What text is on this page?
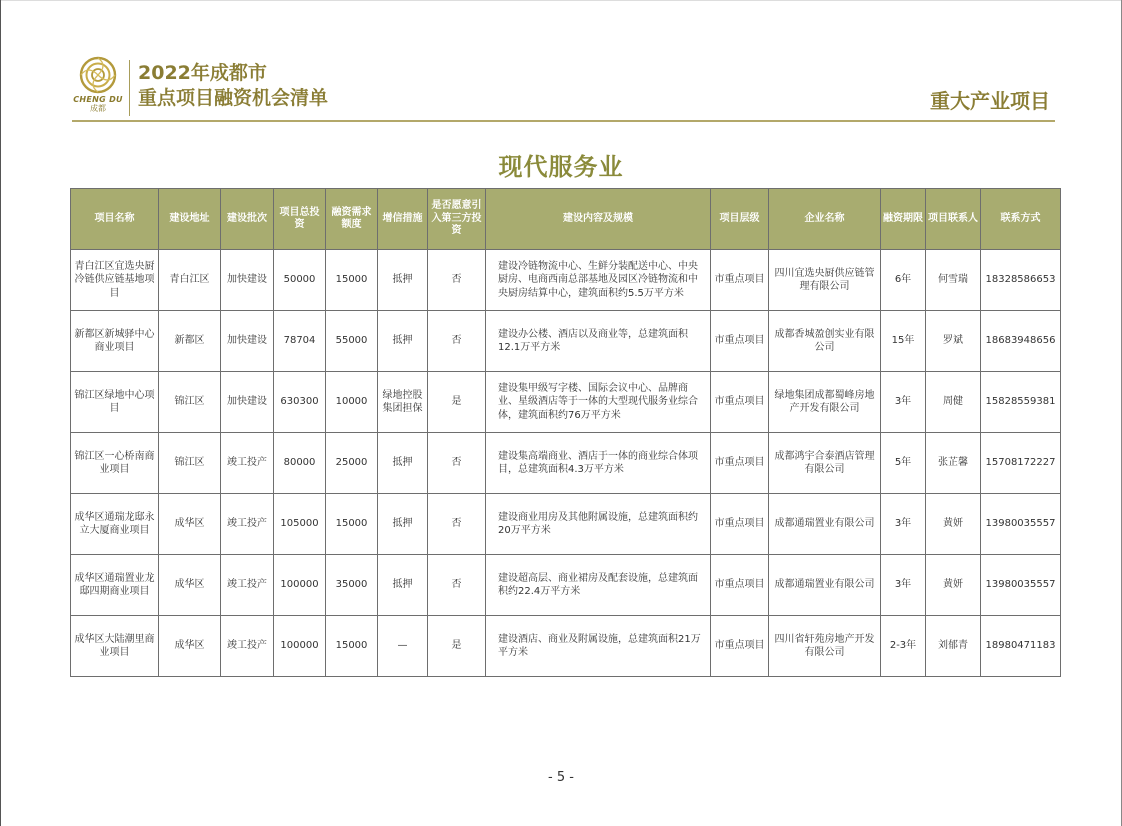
CHENG DU
成都
2022年成都市
重点项目融资机会清单	重大产业项目
现代服务业
项目名称	建设地址	建设批次	项目总投资	融资需求额度	增信措施	是否愿意引入第三方投资	建设内容及规模	项目层级	企业名称	融资期限	项目联系人	联系方式
青白江区宜选央厨冷链供应链基地项目	青白江区	加快建设	50000	15000	抵押	否	建设冷链物流中心、生鲜分装配送中心、中央厨房、电商西南总部基地及园区冷链物流和中央厨房结算中心，建筑面积约5.5万平方米	市重点项目	四川宜选央厨供应链管理有限公司	6年	何雪瑞	18328586653
新都区新城驿中心商业项目	新都区	加快建设	78704	55000	抵押	否	建设办公楼、酒店以及商业等，总建筑面积12.1万平方米	市重点项目	成都香城盈创实业有限公司	15年	罗斌	18683948656
锦江区绿地中心项目	锦江区	加快建设	630300	10000	绿地控股集团担保	是	建设集甲级写字楼、国际会议中心、品牌商业、星级酒店等于一体的大型现代服务业综合体，建筑面积约76万平方米	市重点项目	绿地集团成都蜀峰房地产开发有限公司	3年	周健	15828559381
锦江区一心桥南商业项目	锦江区	竣工投产	80000	25000	抵押	否	建设集高端商业、酒店于一体的商业综合体项目，总建筑面积4.3万平方米	市重点项目	成都鸿宇合泰酒店管理有限公司	5年	张芷馨	15708172227
成华区通瑞龙邸永立大厦商业项目	成华区	竣工投产	105000	15000	抵押	否	建设商业用房及其他附属设施，总建筑面积约20万平方米	市重点项目	成都通瑞置业有限公司	3年	黄妍	13980035557
成华区通瑞置业龙邸四期商业项目	成华区	竣工投产	100000	35000	抵押	否	建设超高层、商业裙房及配套设施，总建筑面积约22.4万平方米	市重点项目	成都通瑞置业有限公司	3年	黄妍	13980035557
成华区大陆潮里商业项目	成华区	竣工投产	100000	15000	—	是	建设酒店、商业及附属设施，总建筑面积21万平方米	市重点项目	四川省轩苑房地产开发有限公司	2-3年	刘郁青	18980471183
- 5 -
